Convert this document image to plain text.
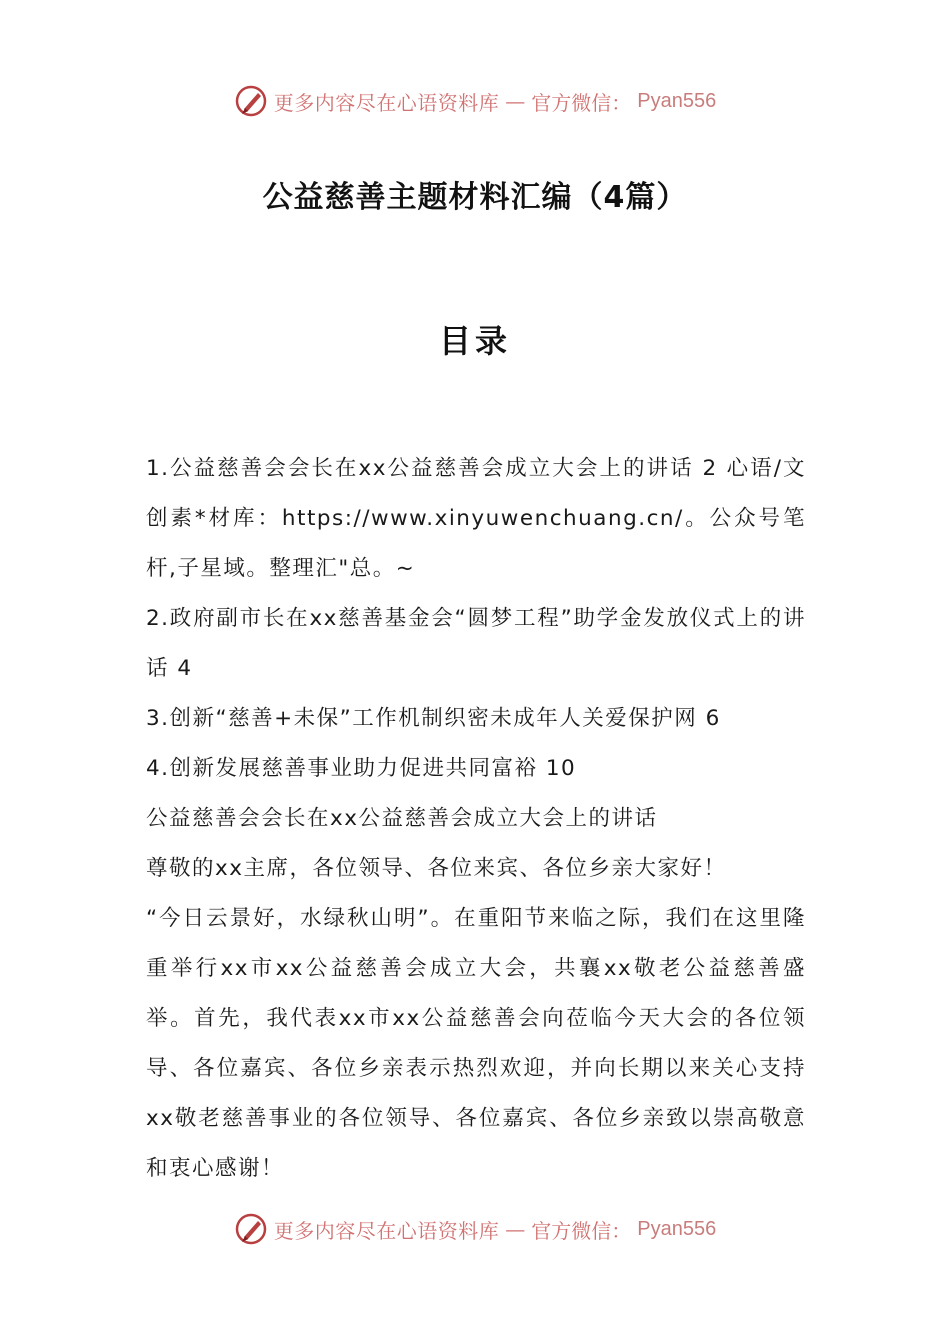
更多内容尽在心语资料库 — 官方微信： Pyan556
公益慈善主题材料汇编（4篇）
目录

1.公益慈善会会长在xx公益慈善会成立大会上的讲话 2 心语/文创素*材库：https://www.xinyuwenchuang.cn/。公众号笔杆,子星域。整理汇"总。~

2.政府副市长在xx慈善基金会“圆梦工程”助学金发放仪式上的讲话 4

3.创新“慈善+未保”工作机制织密未成年人关爱保护网 6

4.创新发展慈善事业助力促进共同富裕 10

公益慈善会会长在xx公益慈善会成立大会上的讲话

尊敬的xx主席，各位领导、各位来宾、各位乡亲大家好！

“今日云景好，水绿秋山明”。在重阳节来临之际，我们在这里隆重举行xx市xx公益慈善会成立大会，共襄xx敬老公益慈善盛举。首先，我代表xx市xx公益慈善会向莅临今天大会的各位领导、各位嘉宾、各位乡亲表示热烈欢迎，并向长期以来关心支持xx敬老慈善事业的各位领导、各位嘉宾、各位乡亲致以崇高敬意和衷心感谢！

更多内容尽在心语资料库 — 官方微信： Pyan556
